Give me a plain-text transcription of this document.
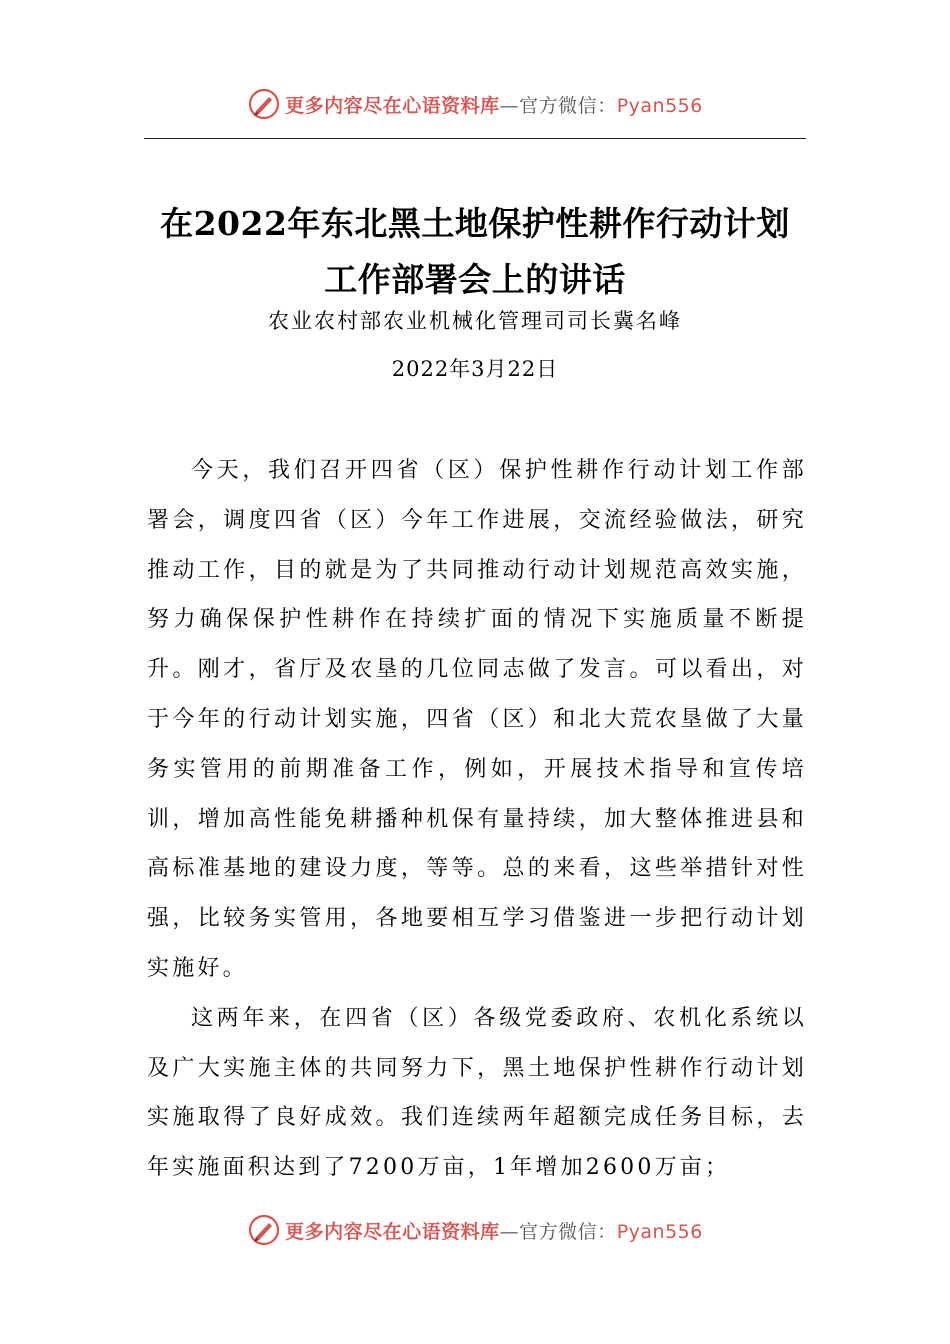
更多内容尽在心语资料库—官方微信：Pyan556
在2022年东北黑土地保护性耕作行动计划
工作部署会上的讲话
农业农村部农业机械化管理司司长冀名峰
2022年3月22日

今天，我们召开四省（区）保护性耕作行动计划工作部署会，调度四省（区）今年工作进展，交流经验做法，研究推动工作，目的就是为了共同推动行动计划规范高效实施，努力确保保护性耕作在持续扩面的情况下实施质量不断提升。刚才，省厅及农垦的几位同志做了发言。可以看出，对于今年的行动计划实施，四省（区）和北大荒农垦做了大量务实管用的前期准备工作，例如，开展技术指导和宣传培训，增加高性能免耕播种机保有量持续，加大整体推进县和高标准基地的建设力度，等等。总的来看，这些举措针对性强，比较务实管用，各地要相互学习借鉴进一步把行动计划实施好。

这两年来，在四省（区）各级党委政府、农机化系统以及广大实施主体的共同努力下，黑土地保护性耕作行动计划实施取得了良好成效。我们连续两年超额完成任务目标，去年实施面积达到了7200万亩，1年增加2600万亩；

更多内容尽在心语资料库—官方微信：Pyan556
